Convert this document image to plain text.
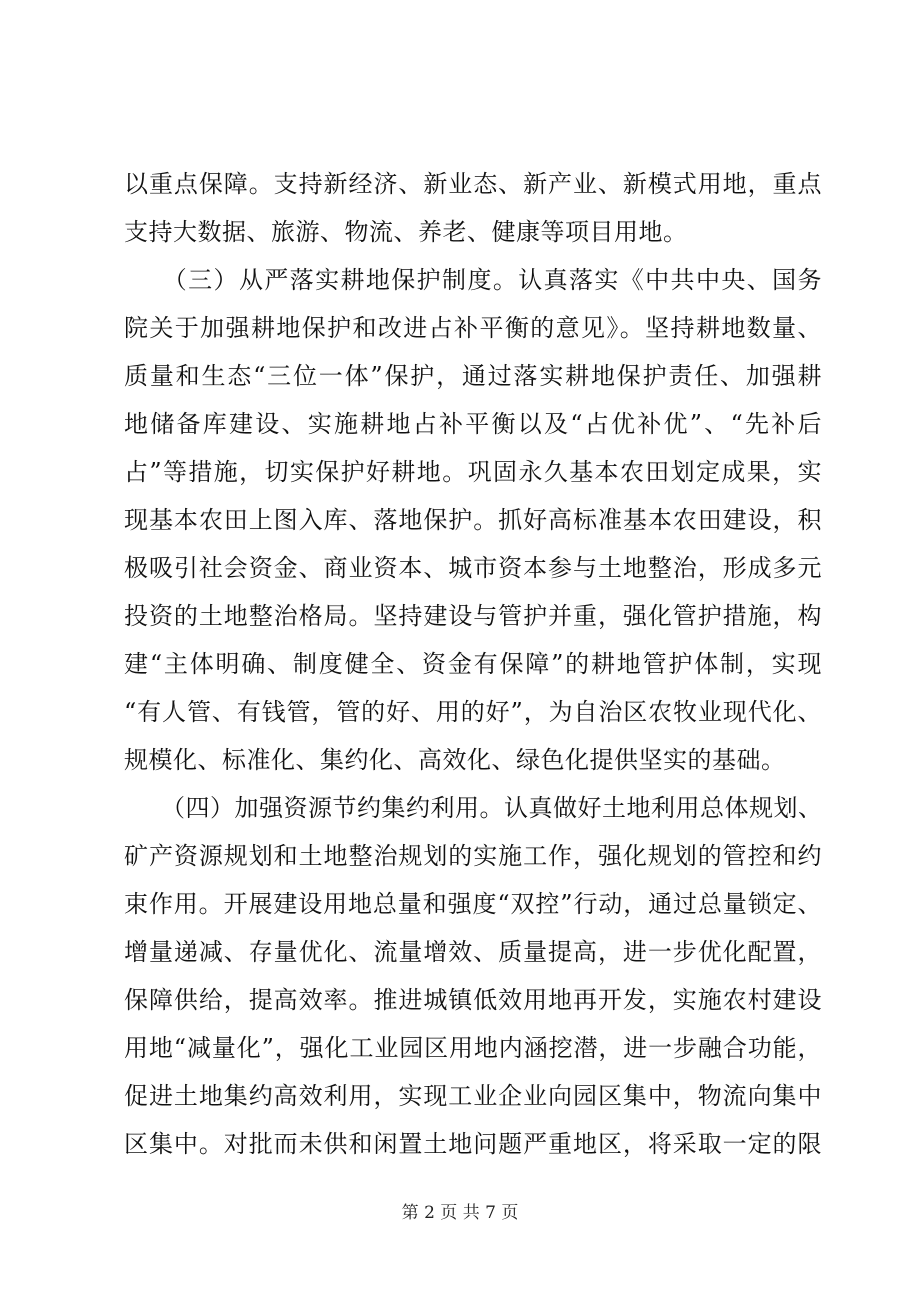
以重点保障。支持新经济、新业态、新产业、新模式用地，重点
支持大数据、旅游、物流、养老、健康等项目用地。
　　（三）从严落实耕地保护制度。认真落实《中共中央、国务
院关于加强耕地保护和改进占补平衡的意见》。坚持耕地数量、
质量和生态“三位一体”保护，通过落实耕地保护责任、加强耕
地储备库建设、实施耕地占补平衡以及“占优补优”、“先补后
占”等措施，切实保护好耕地。巩固永久基本农田划定成果，实
现基本农田上图入库、落地保护。抓好高标准基本农田建设，积
极吸引社会资金、商业资本、城市资本参与土地整治，形成多元
投资的土地整治格局。坚持建设与管护并重，强化管护措施，构
建“主体明确、制度健全、资金有保障”的耕地管护体制，实现
“有人管、有钱管，管的好、用的好”，为自治区农牧业现代化、
规模化、标准化、集约化、高效化、绿色化提供坚实的基础。
　　（四）加强资源节约集约利用。认真做好土地利用总体规划、
矿产资源规划和土地整治规划的实施工作，强化规划的管控和约
束作用。开展建设用地总量和强度“双控”行动，通过总量锁定、
增量递减、存量优化、流量增效、质量提高，进一步优化配置，
保障供给，提高效率。推进城镇低效用地再开发，实施农村建设
用地“减量化”，强化工业园区用地内涵挖潜，进一步融合功能，
促进土地集约高效利用，实现工业企业向园区集中，物流向集中
区集中。对批而未供和闲置土地问题严重地区，将采取一定的限
第 2 页 共 7 页
